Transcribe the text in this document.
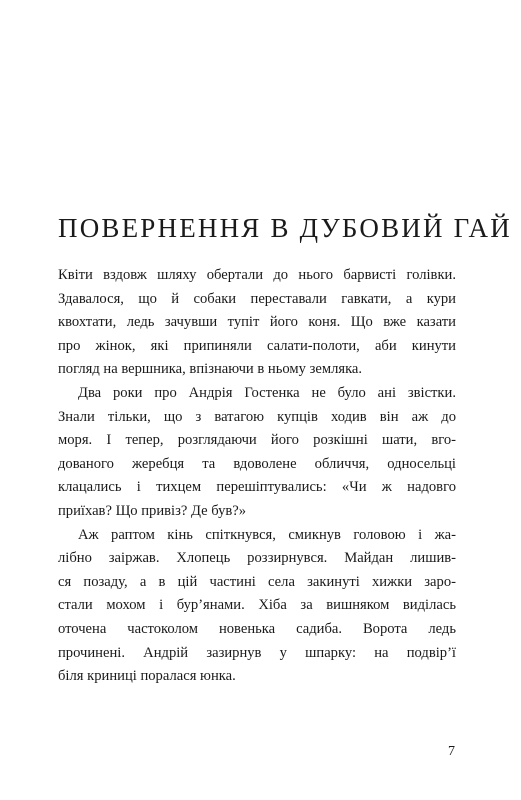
ПОВЕРНЕННЯ В ДУБОВИЙ ГАЙ

Квіти вздовж шляху обертали до нього барвисті голівки.
Здавалося, що й собаки переставали гавкати, а кури
квохтати, ледь зачувши тупіт його коня. Що вже казати
про жінок, які припиняли салати-полоти, аби кинути
погляд на вершника, впізнаючи в ньому земляка.

Два роки про Андрія Гостенка не було ані звістки.
Знали тільки, що з ватагою купців ходив він аж до
моря. І тепер, розглядаючи його розкішні шати, вго-
дованого жеребця та вдоволене обличчя, односельці
клацались і тихцем перешіптувались: «Чи ж надовго
приїхав? Що привіз? Де був?»

Аж раптом кінь спіткнувся, смикнув головою і жа-
лібно заіржав. Хлопець роззирнувся. Майдан лишив-
ся позаду, а в цій частині села закинуті хижки заро-
стали мохом і бур’янами. Хіба за вишняком виділась
оточена частоколом новенька садиба. Ворота ледь
прочинені. Андрій зазирнув у шпарку: на подвір’ї
біля криниці поралася юнка.

7
